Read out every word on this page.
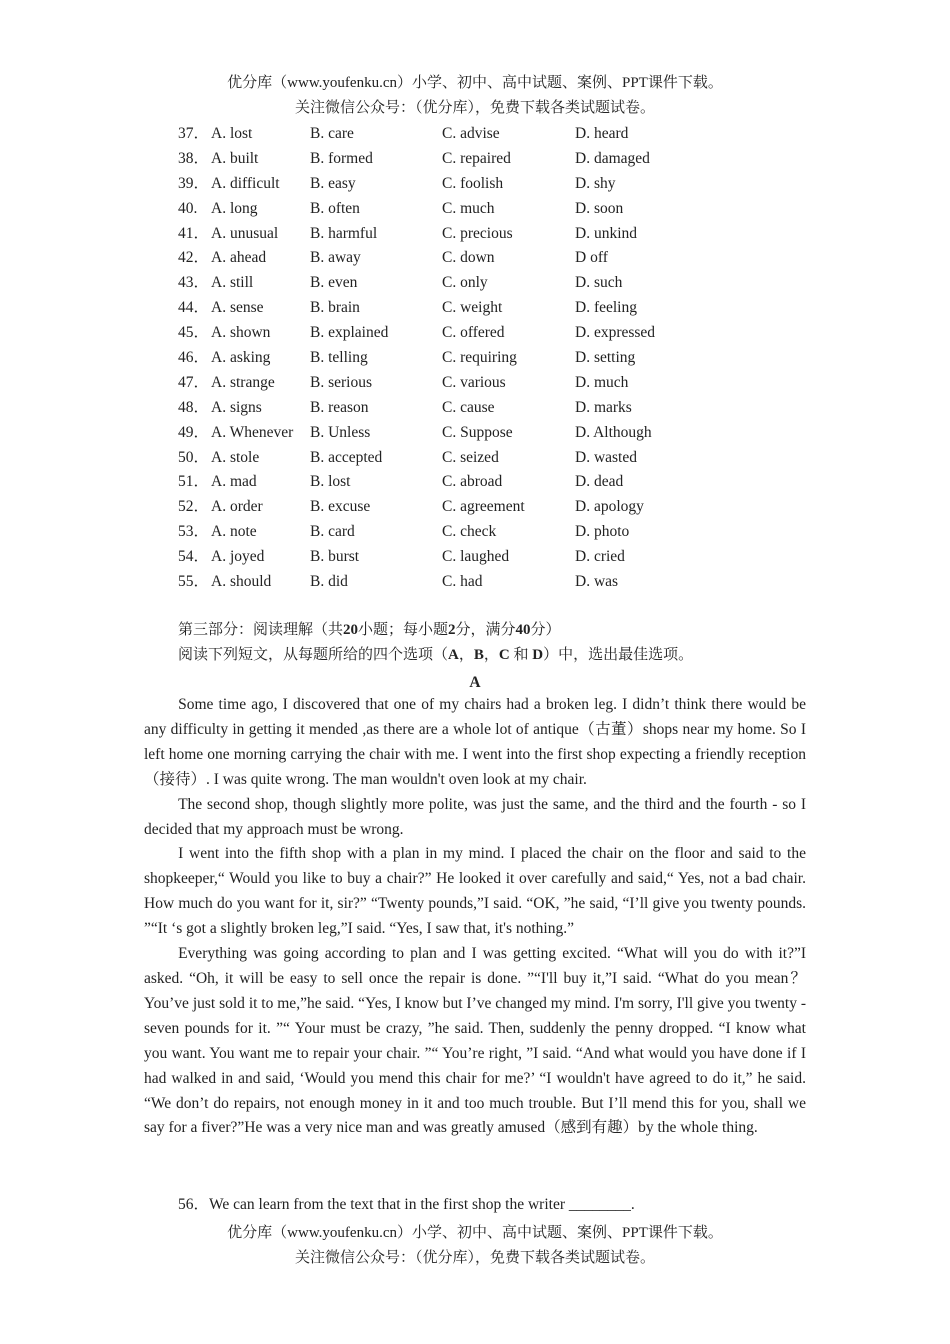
优分库（www.youfenku.cn）小学、初中、高中试题、案例、PPT课件下载。
关注微信公众号：（优分库），免费下载各类试题试卷。
37． A. lost	B. care	C. advise	D. heard
38． A. built	B. formed	C. repaired	D. damaged
39． A. difficult B. easy	C. foolish	D. shy
40. A. long	B. often	C. much	D. soon
41． A. unusual B. harmful	C. precious	D. unkind
42． A. ahead	B. away	C. down	D off
43． A. still	B. even	C. only	D. such
44． A. sense	B. brain	C. weight	D. feeling
45． A. shown	B. explained	C. offered	D. expressed
46． A. asking	B. telling	C. requiring	D. setting
47． A. strange B. serious	C. various	D. much
48． A. signs	B. reason	C. cause	D. marks
49． A. Whenever B. Unless	C. Suppose	D. Although
50． A. stole	B. accepted	C. seized	D. wasted
51． A. mad	B. lost	C. abroad	D. dead
52． A. order	B. excuse	C. agreement	D. apology
53． A. note	B. card	C. check	D. photo
54． A. joyed	B. burst	C. laughed	D. cried
55． A. should B. did	C. had	D. was
第三部分：阅读理解（共20小题；每小题2分，满分40分）
阅读下列短文，从每题所给的四个选项（A，B，C 和 D）中，选出最佳选项。
A

Some time ago, I discovered that one of my chairs had a broken leg. I didn’t think there would be any difficulty in getting it mended ,as there are a whole lot of antique（古董）shops near my home. So I left home one morning carrying the chair with me. I went into the first shop expecting a friendly reception（接待）. I was quite wrong. The man wouldn't oven look at my chair.

The second shop, though slightly more polite, was just the same, and the third and the fourth - so I decided that my approach must be wrong.

I went into the fifth shop with a plan in my mind. I placed the chair on the floor and said to the shopkeeper,“ Would you like to buy a chair?” He looked it over carefully and said,“ Yes, not a bad chair. How much do you want for it, sir?” “Twenty pounds,”I said. “OK, ”he said, “I’ll give you twenty pounds. ”“It ‘s got a slightly broken leg,”I said. “Yes, I saw that, it's nothing.”

Everything was going according to plan and I was getting excited. “What will you do with it?”I asked. “Oh, it will be easy to sell once the repair is done. ”“I'll buy it,”I said. “What do you mean？ You’ve just sold it to me,”he said. “Yes, I know but I’ve changed my mind. I'm sorry, I'll give you twenty -seven pounds for it. ”“ Your must be crazy, ”he said. Then, suddenly the penny dropped. “I know what you want. You want me to repair your chair. ”“ You’re right, ”I said. “And what would you have done if I had walked in and said, ‘Would you mend this chair for me?’ “I wouldn't have agreed to do it,” he said. “We don’t do repairs, not enough money in it and too much trouble. But I’ll mend this for you, shall we say for a fiver?”He was a very nice man and was greatly amused（感到有趣）by the whole thing.

56．We can learn from the text that in the first shop the writer ________.
优分库（www.youfenku.cn）小学、初中、高中试题、案例、PPT课件下载。
关注微信公众号：（优分库），免费下载各类试题试卷。
